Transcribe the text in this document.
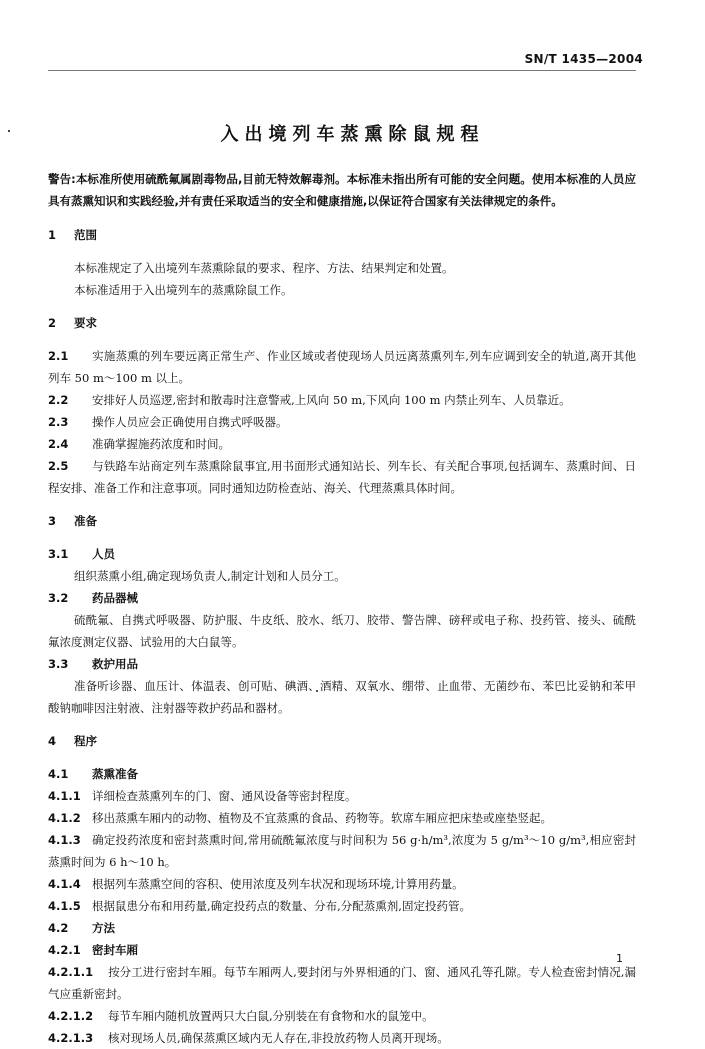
SN/T 1435—2004
入出境列车蒸熏除鼠规程

警告:本标准所使用硫酰氟属剧毒物品,目前无特效解毒剂。本标准未指出所有可能的安全问题。使用本标准的人员应具有蒸熏知识和实践经验,并有责任采取适当的安全和健康措施,以保证符合国家有关法律规定的条件。

1 范围

本标准规定了入出境列车蒸熏除鼠的要求、程序、方法、结果判定和处置。

本标准适用于入出境列车的蒸熏除鼠工作。

2 要求

2.1 实施蒸熏的列车要远离正常生产、作业区域或者使现场人员远离蒸熏列车,列车应调到安全的轨道,离开其他列车 50 m～100 m 以上。

2.2 安排好人员巡逻,密封和散毒时注意警戒,上风向 50 m,下风向 100 m 内禁止列车、人员靠近。

2.3 操作人员应会正确使用自携式呼吸器。

2.4 准确掌握施药浓度和时间。

2.5 与铁路车站商定列车蒸熏除鼠事宜,用书面形式通知站长、列车长、有关配合事项,包括调车、蒸熏时间、日程安排、准备工作和注意事项。同时通知边防检查站、海关、代理蒸熏具体时间。

3 准备

3.1 人员

组织蒸熏小组,确定现场负责人,制定计划和人员分工。

3.2 药品器械

硫酰氟、自携式呼吸器、防护服、牛皮纸、胶水、纸刀、胶带、警告牌、磅秤或电子称、投药管、接头、硫酰氟浓度测定仪器、试验用的大白鼠等。

3.3 救护用品

准备听诊器、血压计、体温表、创可贴、碘酒、酒精、双氧水、绷带、止血带、无菌纱布、苯巴比妥钠和苯甲酸钠咖啡因注射液、注射器等救护药品和器材。

4 程序

4.1 蒸熏准备

4.1.1 详细检查蒸熏列车的门、窗、通风设备等密封程度。

4.1.2 移出蒸熏车厢内的动物、植物及不宜蒸熏的食品、药物等。软席车厢应把床垫或座垫竖起。

4.1.3 确定投药浓度和密封蒸熏时间,常用硫酰氟浓度与时间积为 56 g·h/m³,浓度为 5 g/m³～10 g/m³,相应密封蒸熏时间为 6 h～10 h。

4.1.4 根据列车蒸熏空间的容积、使用浓度及列车状况和现场环境,计算用药量。

4.1.5 根据鼠患分布和用药量,确定投药点的数量、分布,分配蒸熏剂,固定投药管。

4.2 方法

4.2.1 密封车厢

4.2.1.1 按分工进行密封车厢。每节车厢两人,要封闭与外界相通的门、窗、通风孔等孔隙。专人检查密封情况,漏气应重新密封。

4.2.1.2 每节车厢内随机放置两只大白鼠,分别装在有食物和水的鼠笼中。

4.2.1.3 核对现场人员,确保蒸熏区域内无人存在,非投放药物人员离开现场。

1
